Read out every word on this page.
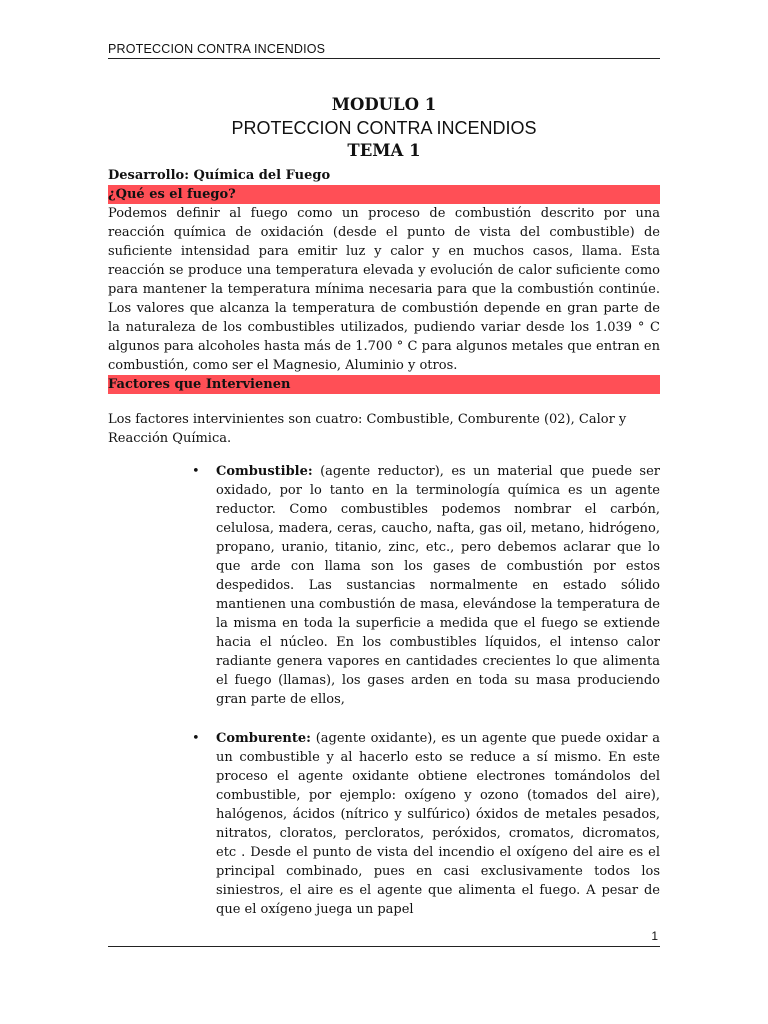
PROTECCION CONTRA INCENDIOS
MODULO 1
PROTECCION CONTRA INCENDIOS
TEMA 1
Desarrollo: Química del Fuego
¿Qué es el fuego?
Podemos definir al fuego como un proceso de combustión descrito por una reacción química de oxidación (desde el punto de vista del combustible) de suficiente intensidad para emitir luz y calor y en muchos casos, llama. Esta reacción se produce una temperatura elevada y evolución de calor suficiente como para mantener la temperatura mínima necesaria para que la combustión continúe. Los valores que alcanza la temperatura de combustión depende en gran parte de la naturaleza de los combustibles utilizados, pudiendo variar desde los 1.039 ° C algunos para alcoholes hasta más de 1.700 ° C para algunos metales que entran en combustión, como ser el Magnesio, Aluminio y otros.
Factores que Intervienen
Los factores intervinientes son cuatro: Combustible, Comburente (02), Calor y Reacción Química.
• Combustible: (agente reductor), es un material que puede ser oxidado, por lo tanto en la terminología química es un agente reductor. Como combustibles podemos nombrar el carbón, celulosa, madera, ceras, caucho, nafta, gas oil, metano, hidrógeno, propano, uranio, titanio, zinc, etc., pero debemos aclarar que lo que arde con llama son los gases de combustión por estos despedidos. Las sustancias normalmente en estado sólido mantienen una combustión de masa, elevándose la temperatura de la misma en toda la superficie a medida que el fuego se extiende hacia el núcleo. En los combustibles líquidos, el intenso calor radiante genera vapores en cantidades crecientes lo que alimenta el fuego (llamas), los gases arden en toda su masa produciendo gran parte de ellos,
• Comburente: (agente oxidante), es un agente que puede oxidar a un combustible y al hacerlo esto se reduce a sí mismo. En este proceso el agente oxidante obtiene electrones tomándolos del combustible, por ejemplo: oxígeno y ozono (tomados del aire), halógenos, ácidos (nítrico y sulfúrico) óxidos de metales pesados, nitratos, cloratos, percloratos, peróxidos, cromatos, dicromatos, etc . Desde el punto de vista del incendio el oxígeno del aire es el principal combinado, pues en casi exclusivamente todos los siniestros, el aire es el agente que alimenta el fuego. A pesar de que el oxígeno juega un papel
1
